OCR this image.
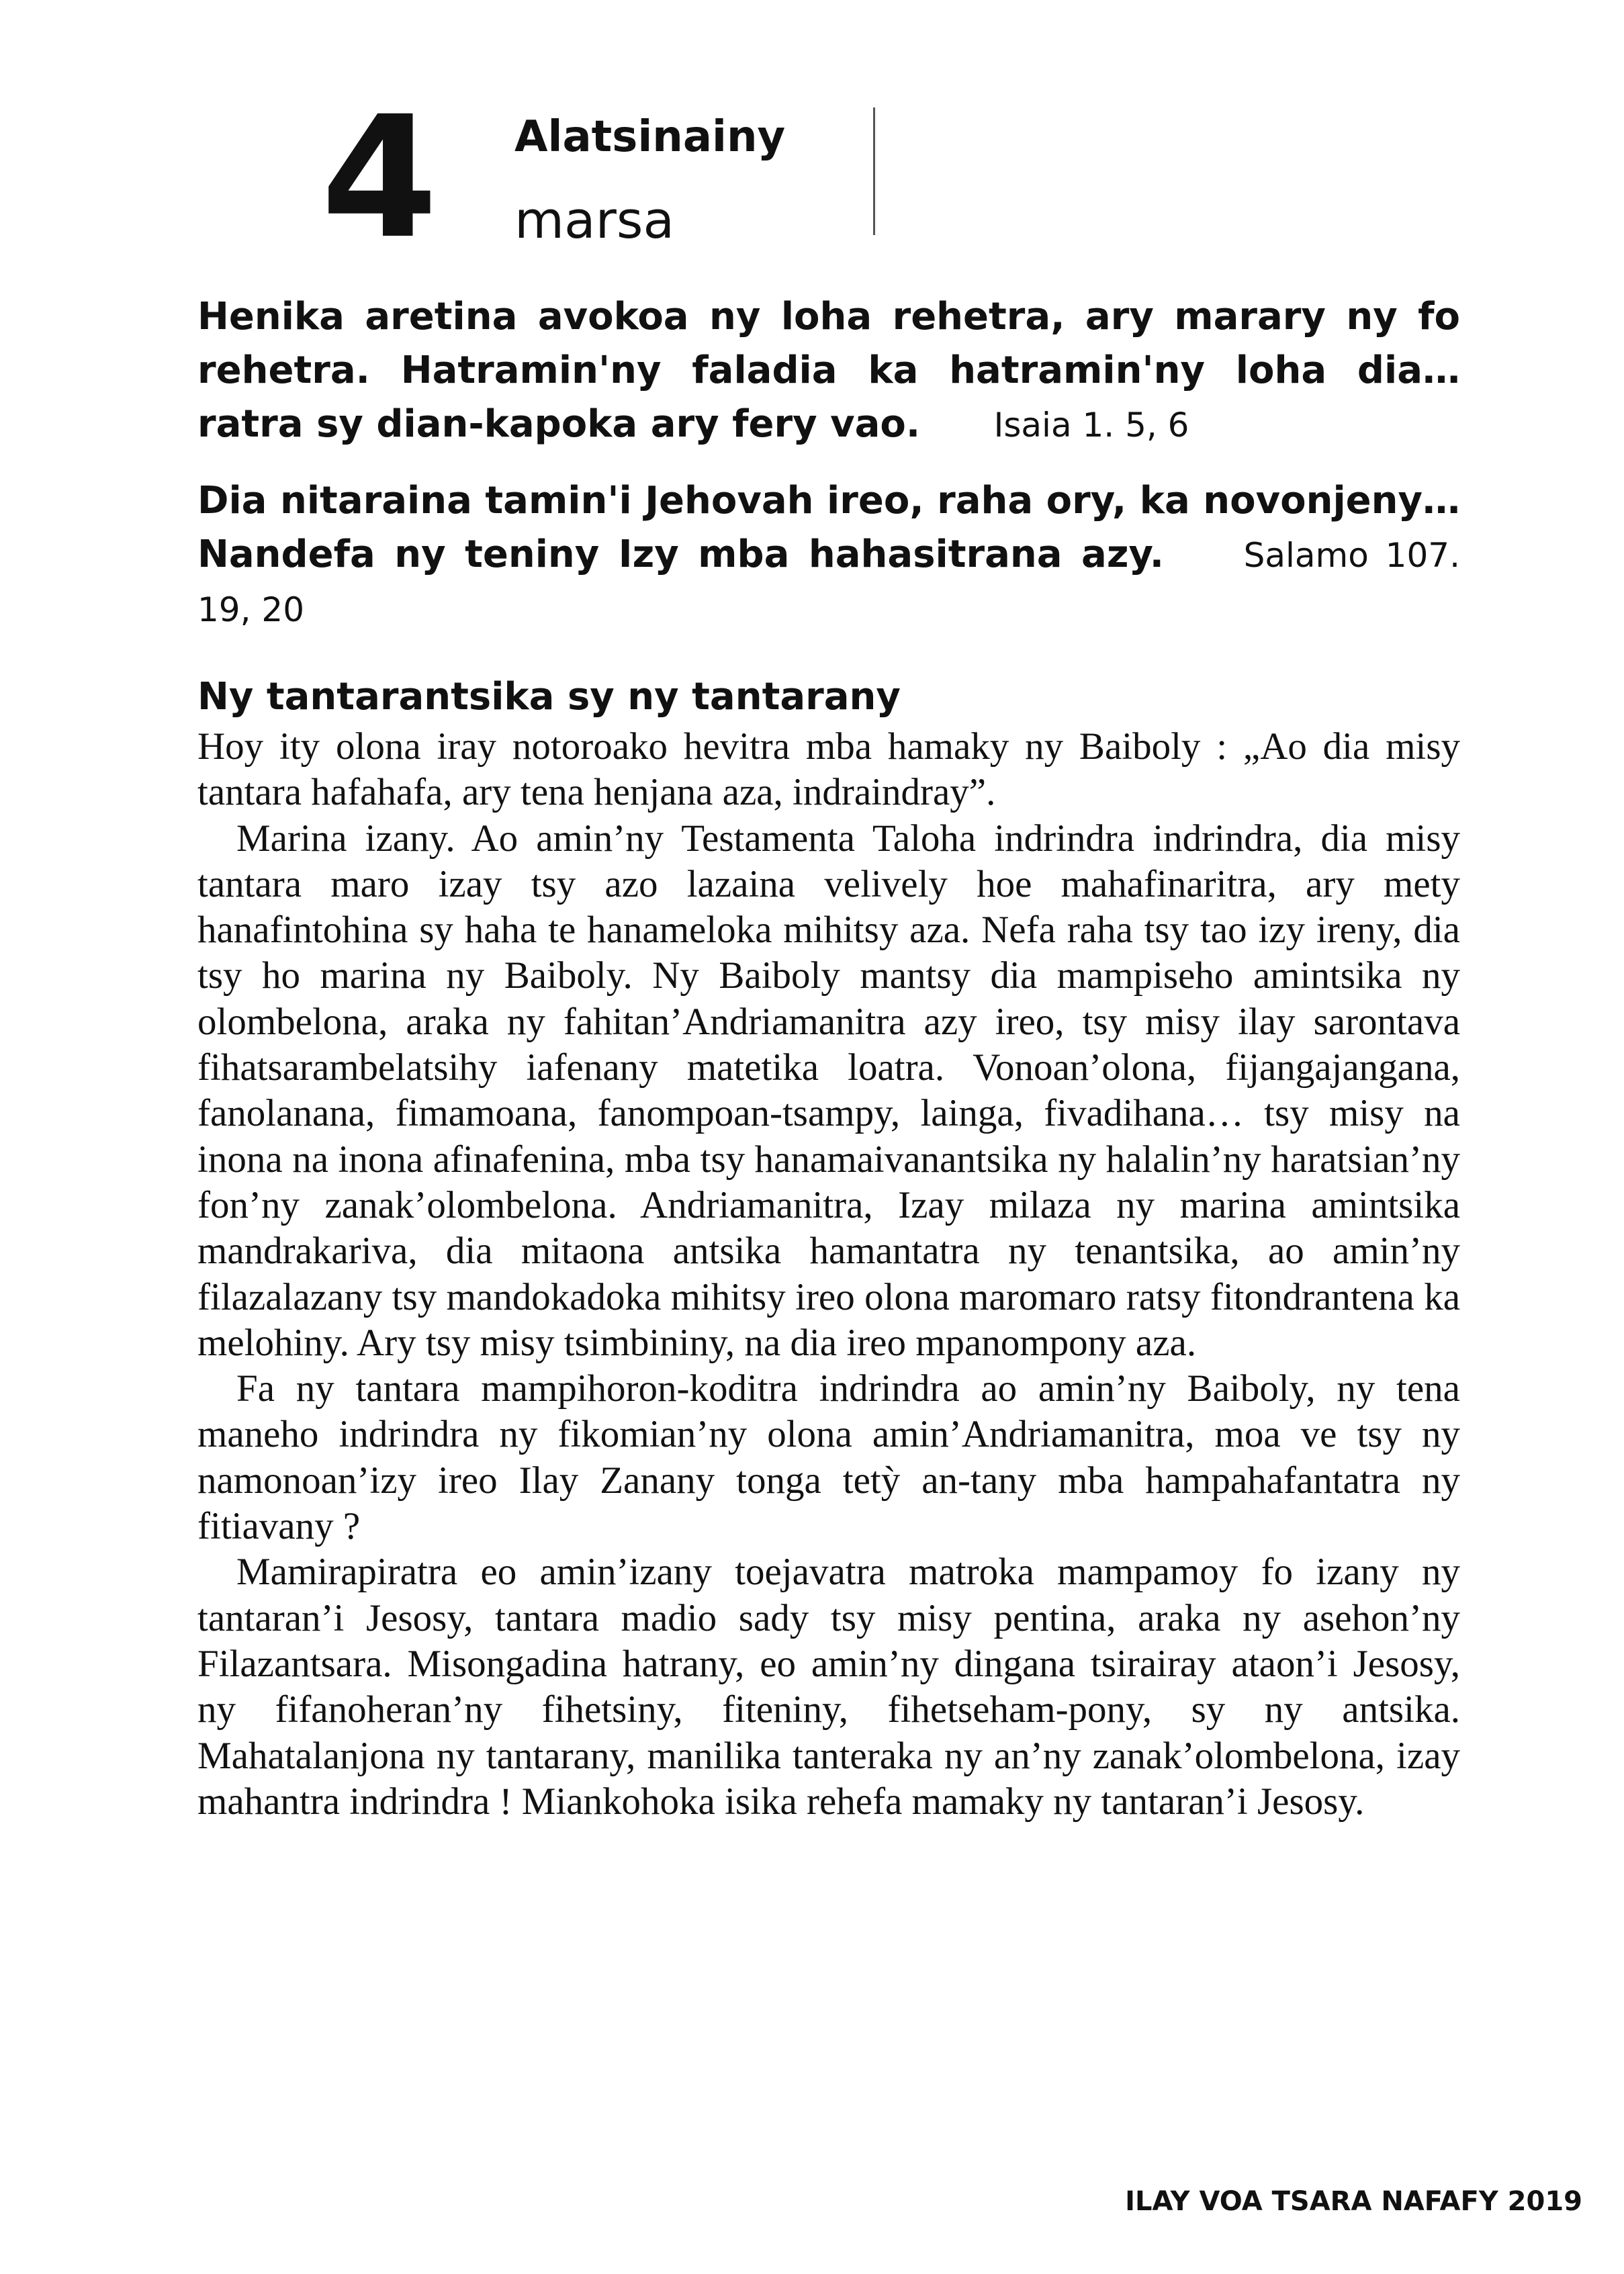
4 Alatsinainy
marsa
Henika aretina avokoa ny loha rehetra, ary marary ny fo rehetra. Hatramin'ny faladia ka hatramin'ny loha dia… ratra sy dian-kapoka ary fery vao. Isaia 1. 5, 6
Dia nitaraina tamin'i Jehovah ireo, raha ory, ka novonjeny… Nandefa ny teniny Izy mba hahasitrana azy. Salamo 107. 19, 20
Ny tantarantsika sy ny tantarany

Hoy ity olona iray notoroako hevitra mba hamaky ny Baiboly : „Ao dia misy tantara hafahafa, ary tena henjana aza, indraindray”.

Marina izany. Ao amin’ny Testamenta Taloha indrindra indrindra, dia misy tantara maro izay tsy azo lazaina velively hoe mahafinaritra, ary mety hanafintohina sy haha te hanameloka mihitsy aza. Nefa raha tsy tao izy ireny, dia tsy ho marina ny Baiboly. Ny Baiboly mantsy dia mampiseho amintsika ny olombelona, araka ny fahitan’Andriamanitra azy ireo, tsy misy ilay sarontava fihatsarambelatsihy iafenany matetika loatra. Vonoan’olona, fijangajangana, fanolanana, fimamoana, fanompoan-tsampy, lainga, fivadihana… tsy misy na inona na inona afinafenina, mba tsy hanamaivanantsika ny halalin’ny haratsian’ny fon’ny zanak’olombelona. Andriamanitra, Izay milaza ny marina amintsika mandrakariva, dia mitaona antsika hamantatra ny tenantsika, ao amin’ny filazalazany tsy mandokadoka mihitsy ireo olona maromaro ratsy fitondrantena ka melohiny. Ary tsy misy tsimbininy, na dia ireo mpanompony aza.

Fa ny tantara mampihoron-koditra indrindra ao amin’ny Baiboly, ny tena maneho indrindra ny fikomian’ny olona amin’Andriamanitra, moa ve tsy ny namonoan’izy ireo Ilay Zanany tonga tetỳ an-tany mba hampahafantatra ny fitiavany ?

Mamirapiratra eo amin’izany toejavatra matroka mampamoy fo izany ny tantaran’i Jesosy, tantara madio sady tsy misy pentina, araka ny asehon’ny Filazantsara. Misongadina hatrany, eo amin’ny dingana tsirairay ataon’i Jesosy, ny fifanoheran’ny fihetsiny, fiteniny, fihetseham-pony, sy ny antsika. Mahatalanjona ny tantarany, manilika tanteraka ny an’ny zanak’olombelona, izay mahantra indrindra ! Miankohoka isika rehefa mamaky ny tantaran’i Jesosy.

ILAY VOA TSARA NAFAFY 2019
